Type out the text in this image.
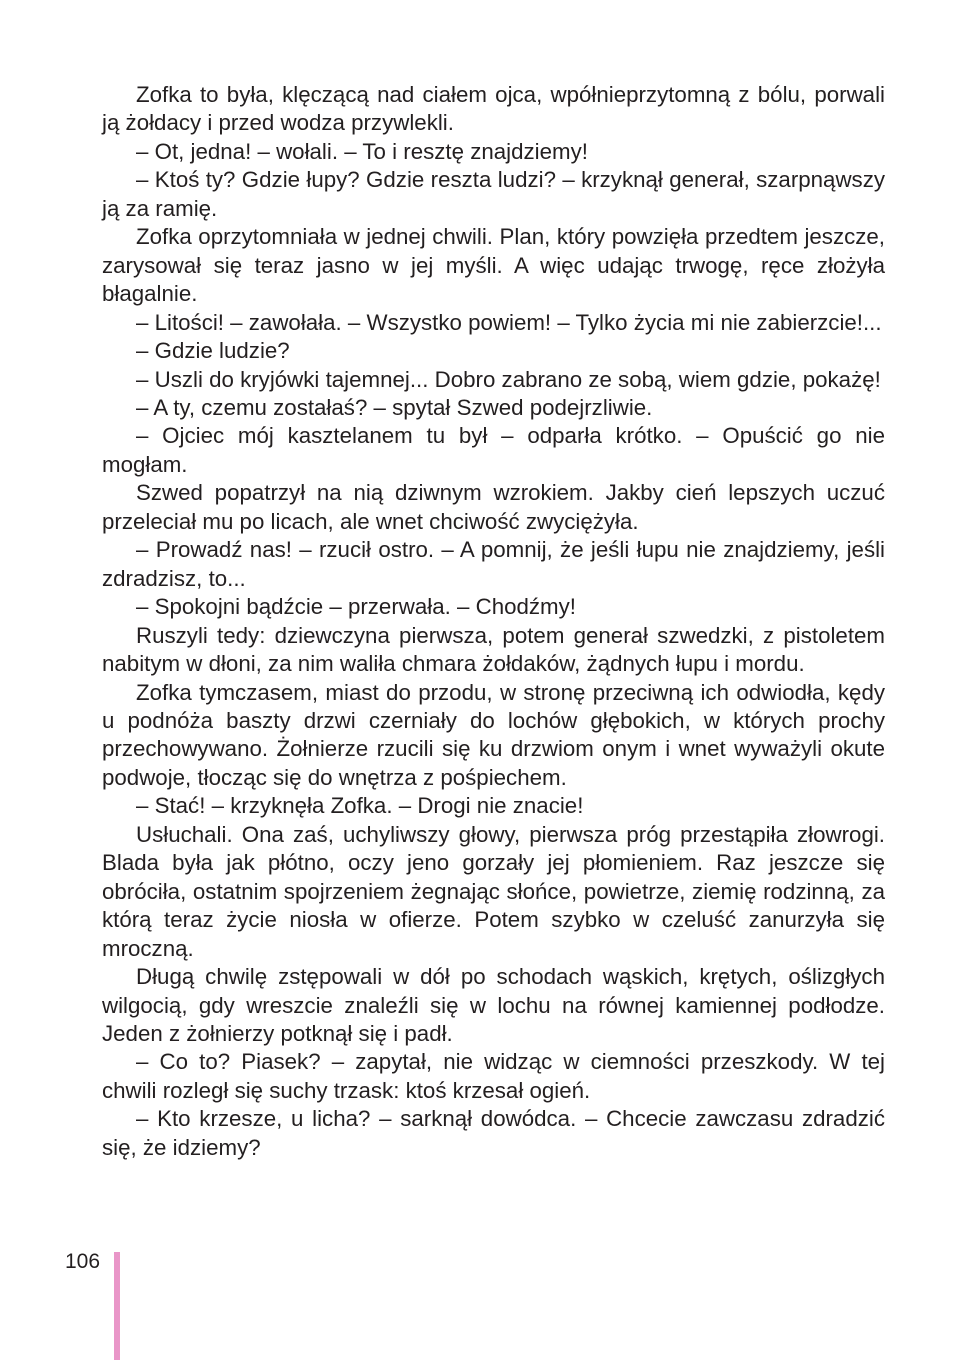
Zofka to była, klęczącą nad ciałem ojca, wpółnieprzytomną z bólu, porwali ją żołdacy i przed wodza przywlekli.

– Ot, jedna! – wołali. – To i resztę znajdziemy!

– Ktoś ty? Gdzie łupy? Gdzie reszta ludzi? – krzyknął generał, szarpnąwszy ją za ramię.

Zofka oprzytomniała w jednej chwili. Plan, który powzięła przedtem jeszcze, zarysował się teraz jasno w jej myśli. A więc udając trwogę, ręce złożyła błagalnie.

– Litości! – zawołała. – Wszystko powiem! – Tylko życia mi nie zabierzcie!...

– Gdzie ludzie?

– Uszli do kryjówki tajemnej... Dobro zabrano ze sobą, wiem gdzie, pokażę!

– A ty, czemu zostałaś? – spytał Szwed podejrzliwie.

– Ojciec mój kasztelanem tu był – odparła krótko. – Opuścić go nie mogłam.

Szwed popatrzył na nią dziwnym wzrokiem. Jakby cień lepszych uczuć przeleciał mu po licach, ale wnet chciwość zwyciężyła.

– Prowadź nas! – rzucił ostro. – A pomnij, że jeśli łupu nie znajdziemy, jeśli zdradzisz, to...

– Spokojni bądźcie – przerwała. – Chodźmy!

Ruszyli tedy: dziewczyna pierwsza, potem generał szwedzki, z pistoletem nabitym w dłoni, za nim waliła chmara żołdaków, żądnych łupu i mordu.

Zofka tymczasem, miast do przodu, w stronę przeciwną ich odwiodła, kędy u podnóża baszty drzwi czerniały do lochów głębokich, w których prochy przechowywano. Żołnierze rzucili się ku drzwiom onym i wnet wyważyli okute podwoje, tłocząc się do wnętrza z pośpiechem.

– Stać! – krzyknęła Zofka. – Drogi nie znacie!

Usłuchali. Ona zaś, uchyliwszy głowy, pierwsza próg przestąpiła złowrogi. Blada była jak płótno, oczy jeno gorzały jej płomieniem. Raz jeszcze się obróciła, ostatnim spojrzeniem żegnając słońce, powietrze, ziemię rodzinną, za którą teraz życie niosła w ofierze. Potem szybko w czeluść zanurzyła się mroczną.

Długą chwilę zstępowali w dół po schodach wąskich, krętych, oślizgłych wilgocią, gdy wreszcie znaleźli się w lochu na równej kamiennej podłodze. Jeden z żołnierzy potknął się i padł.

– Co to? Piasek? – zapytał, nie widząc w ciemności przeszkody. W tej chwili rozległ się suchy trzask: ktoś krzesał ogień.

– Kto krzesze, u licha? – sarknął dowódca. – Chcecie zawczasu zdradzić się, że idziemy?

106
